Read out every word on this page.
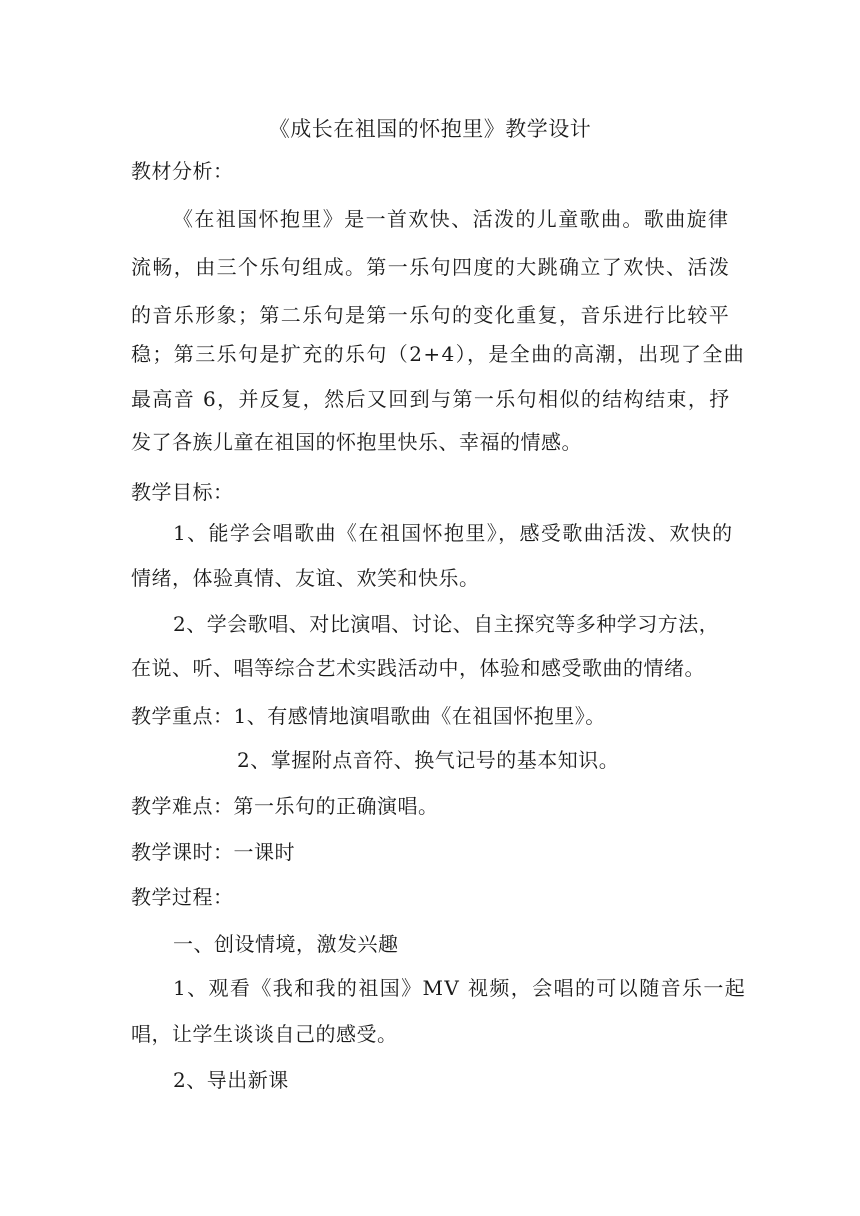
《成长在祖国的怀抱里》教学设计
教材分析：
《在祖国怀抱里》是一首欢快、活泼的儿童歌曲。歌曲旋律
流畅，由三个乐句组成。第一乐句四度的大跳确立了欢快、活泼
的音乐形象；第二乐句是第一乐句的变化重复，音乐进行比较平
稳；第三乐句是扩充的乐句（2+4），是全曲的高潮，出现了全曲
最高音 6，并反复，然后又回到与第一乐句相似的结构结束，抒
发了各族儿童在祖国的怀抱里快乐、幸福的情感。
教学目标：
1、能学会唱歌曲《在祖国怀抱里》，感受歌曲活泼、欢快的
情绪，体验真情、友谊、欢笑和快乐。
2、学会歌唱、对比演唱、讨论、自主探究等多种学习方法，
在说、听、唱等综合艺术实践活动中，体验和感受歌曲的情绪。
教学重点：1、有感情地演唱歌曲《在祖国怀抱里》。
2、掌握附点音符、换气记号的基本知识。
教学难点：第一乐句的正确演唱。
教学课时：一课时
教学过程：
一、创设情境，激发兴趣
1、观看《我和我的祖国》MV 视频，会唱的可以随音乐一起
唱，让学生谈谈自己的感受。
2、导出新课
